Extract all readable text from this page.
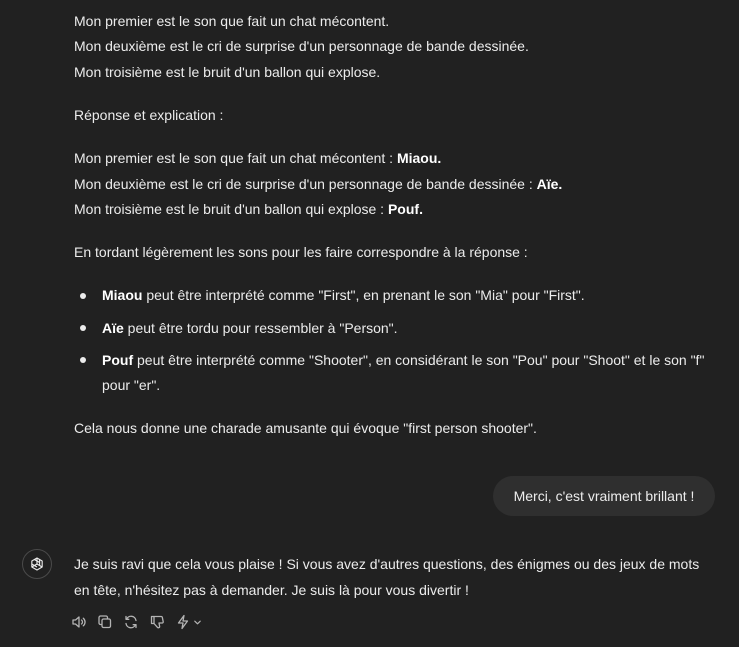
Mon premier est le son que fait un chat mécontent.
Mon deuxième est le cri de surprise d'un personnage de bande dessinée.
Mon troisième est le bruit d'un ballon qui explose.
Réponse et explication :
Mon premier est le son que fait un chat mécontent : Miaou.
Mon deuxième est le cri de surprise d'un personnage de bande dessinée : Aïe.
Mon troisième est le bruit d'un ballon qui explose : Pouf.
En tordant légèrement les sons pour les faire correspondre à la réponse :
Miaou peut être interprété comme "First", en prenant le son "Mia" pour "First".
Aïe peut être tordu pour ressembler à "Person".
Pouf peut être interprété comme "Shooter", en considérant le son "Pou" pour "Shoot" et le son "f"
pour "er".
Cela nous donne une charade amusante qui évoque "first person shooter".
Merci, c'est vraiment brillant !
Je suis ravi que cela vous plaise ! Si vous avez d'autres questions, des énigmes ou des jeux de mots
en tête, n'hésitez pas à demander. Je suis là pour vous divertir !
